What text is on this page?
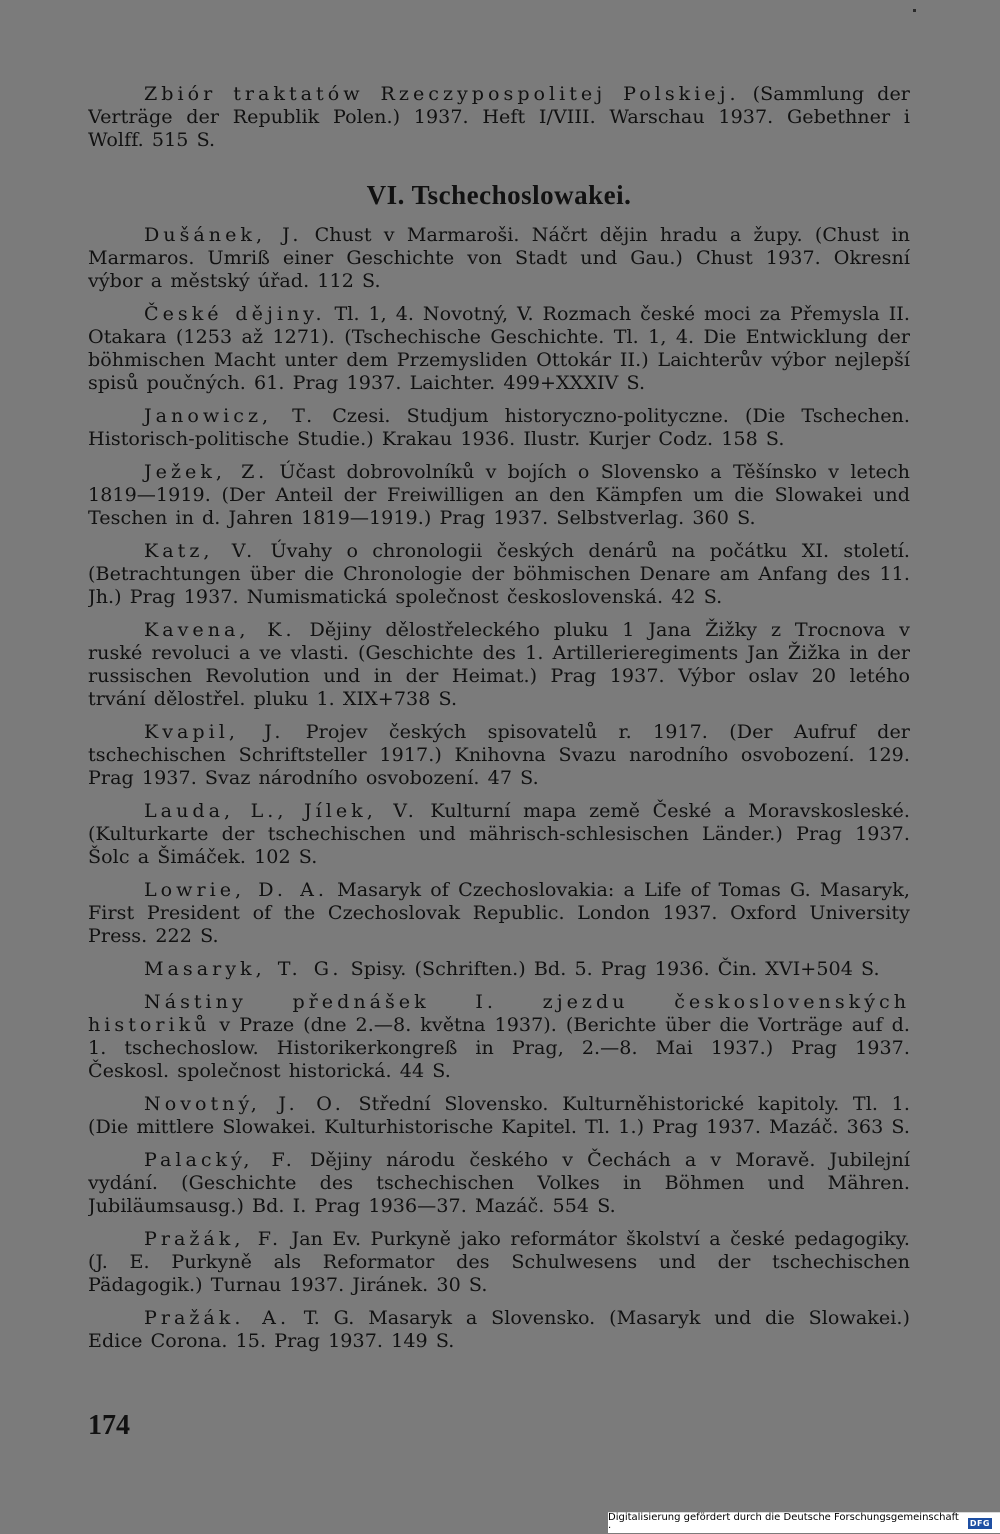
Zbiór traktatów Rzeczypospolitej Polskiej. (Sammlung der Verträge der Republik Polen.) 1937. Heft I/VIII. Warschau 1937. Gebethner i Wolff. 515 S.

VI. Tschechoslowakei.

Dušánek, J. Chust v Marmaroši. Náčrt dějin hradu a župy. (Chust in Marmaros. Umriß einer Geschichte von Stadt und Gau.) Chust 1937. Okresní výbor a městský úřad. 112 S.

České dějiny. Tl. 1, 4. Novotný, V. Rozmach české moci za Přemysla II. Otakara (1253 až 1271). (Tschechische Geschichte. Tl. 1, 4. Die Entwicklung der böhmischen Macht unter dem Przemysliden Ottokár II.) Laichterův výbor nejlepší spisů poučných. 61. Prag 1937. Laichter. 499+XXXIV S.

Janowicz, T. Czesi. Studjum historyczno-polityczne. (Die Tschechen. Historisch-politische Studie.) Krakau 1936. Ilustr. Kurjer Codz. 158 S.

Ježek, Z. Účast dobrovolníků v bojích o Slovensko a Těšínsko v letech 1819—1919. (Der Anteil der Freiwilligen an den Kämpfen um die Slowakei und Teschen in d. Jahren 1819—1919.) Prag 1937. Selbstverlag. 360 S.

Katz, V. Úvahy o chronologii českých denárů na počátku XI. století. (Betrachtungen über die Chronologie der böhmischen Denare am Anfang des 11. Jh.) Prag 1937. Numismatická společnost československá. 42 S.

Kavena, K. Dějiny dělostřeleckého pluku 1 Jana Žižky z Trocnova v ruské revoluci a ve vlasti. (Geschichte des 1. Artillerieregiments Jan Žižka in der russischen Revolution und in der Heimat.) Prag 1937. Výbor oslav 20 letého trvání dělostřel. pluku 1. XIX+738 S.

Kvapil, J. Projev českých spisovatelů r. 1917. (Der Aufruf der tschechischen Schriftsteller 1917.) Knihovna Svazu narodního osvobození. 129. Prag 1937. Svaz národního osvobození. 47 S.

Lauda, L., Jílek, V. Kulturní mapa země České a Moravskosleské. (Kulturkarte der tschechischen und mährisch-schlesischen Länder.) Prag 1937. Šolc a Šimáček. 102 S.

Lowrie, D. A. Masaryk of Czechoslovakia: a Life of Tomas G. Masaryk, First President of the Czechoslovak Republic. London 1937. Oxford University Press. 222 S.

Masaryk, T. G. Spisy. (Schriften.) Bd. 5. Prag 1936. Čin. XVI+504 S.

Nástiny přednášek I. zjezdu československých historiků v Praze (dne 2.—8. května 1937). (Berichte über die Vorträge auf d. 1. tschechoslow. Historikerkongreß in Prag, 2.—8. Mai 1937.) Prag 1937. Českosl. společnost historická. 44 S.

Novotný, J. O. Střední Slovensko. Kulturněhistorické kapitoly. Tl. 1. (Die mittlere Slowakei. Kulturhistorische Kapitel. Tl. 1.) Prag 1937. Mazáč. 363 S.

Palacký, F. Dějiny národu českého v Čechách a v Moravě. Jubilejní vydání. (Geschichte des tschechischen Volkes in Böhmen und Mähren. Jubiläumsausg.) Bd. I. Prag 1936—37. Mazáč. 554 S.

Pražák, F. Jan Ev. Purkyně jako reformátor školství a české pedagogiky. (J. E. Purkyně als Reformator des Schulwesens und der tschechischen Pädagogik.) Turnau 1937. Jiránek. 30 S.

Pražák. A. T. G. Masaryk a Slovensko. (Masaryk und die Slowakei.) Edice Corona. 15. Prag 1937. 149 S.

174
Digitalisierung gefördert durch die Deutsche Forschungsgemeinschaft ·	DFG
